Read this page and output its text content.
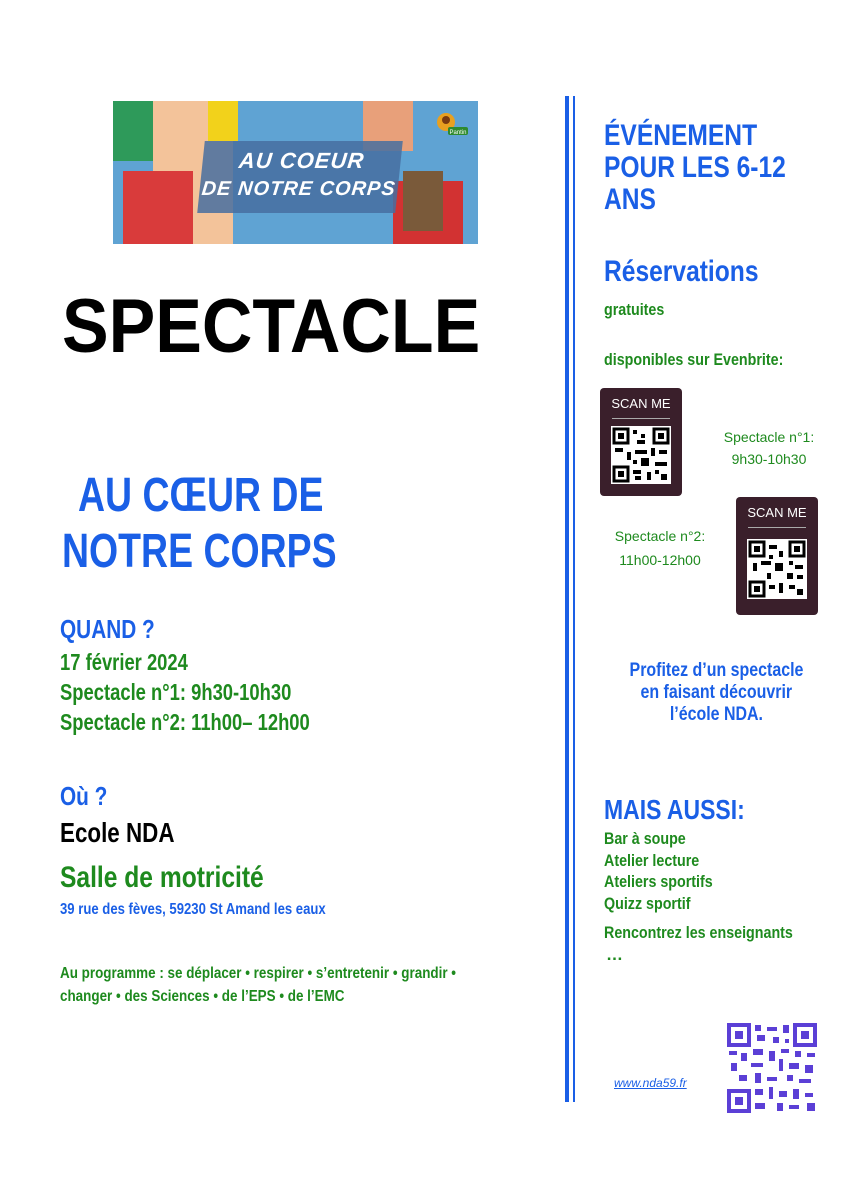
AU COEUR
DE NOTRE CORPS
Pantin
SPECTACLE
AU CŒUR DE
NOTRE CORPS
QUAND ?
17 février 2024
Spectacle n°1: 9h30-10h30
Spectacle n°2: 11h00– 12h00
Où ?
Ecole NDA
Salle de motricité
39 rue des fèves, 59230 St Amand les eaux
Au programme : se déplacer • respirer • s’entretenir • grandir •
changer • des Sciences • de l’EPS • de l’EMC
ÉVÉNEMENT
POUR LES 6-12
ANS
Réservations
gratuites
disponibles sur Evenbrite:
SCAN ME
Spectacle n°1:
9h30-10h30
SCAN ME
Spectacle n°2:
11h00-12h00
Profitez d’un spectacle
en faisant découvrir
l’école NDA.
MAIS AUSSI:
Bar à soupe
Atelier lecture
Ateliers sportifs
Quizz sportif
Rencontrez les enseignants
…
www.nda59.fr
